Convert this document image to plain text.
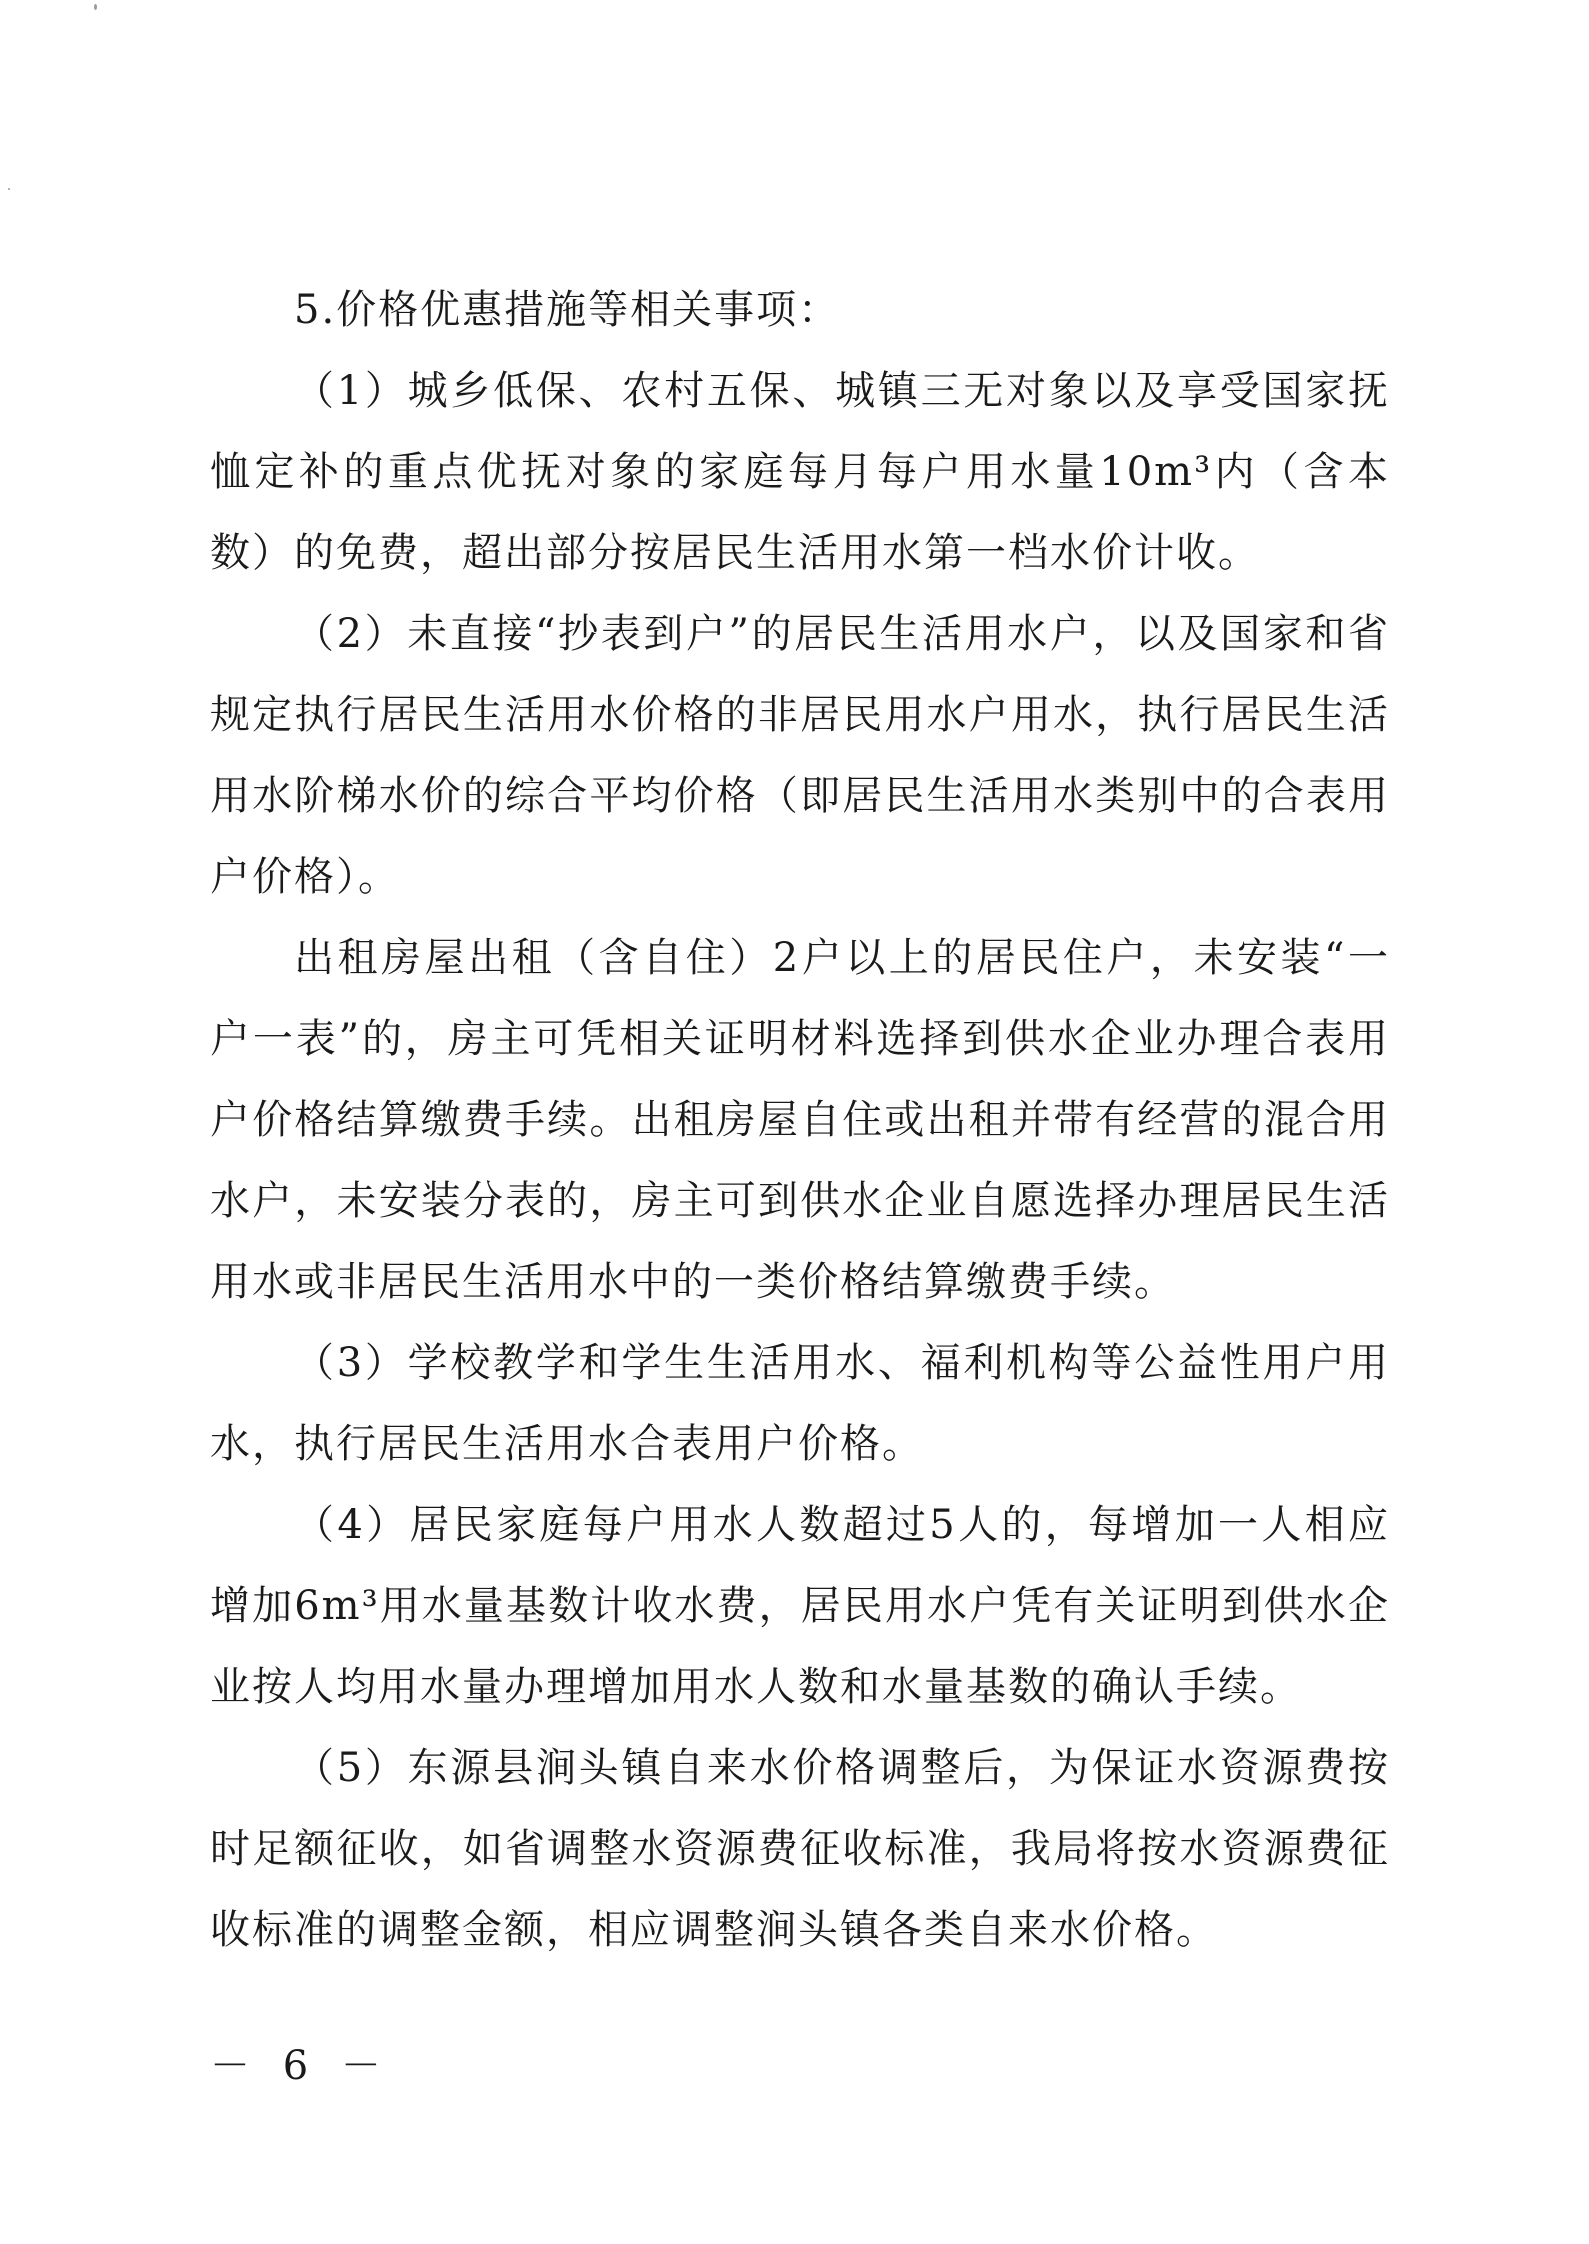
5.价格优惠措施等相关事项：

（1）城乡低保、农村五保、城镇三无对象以及享受国家抚恤定补的重点优抚对象的家庭每月每户用水量10m³内（含本数）的免费，超出部分按居民生活用水第一档水价计收。

（2）未直接“抄表到户”的居民生活用水户，以及国家和省规定执行居民生活用水价格的非居民用水户用水，执行居民生活用水阶梯水价的综合平均价格（即居民生活用水类别中的合表用户价格）。

出租房屋出租（含自住）2户以上的居民住户，未安装“一户一表”的，房主可凭相关证明材料选择到供水企业办理合表用户价格结算缴费手续。出租房屋自住或出租并带有经营的混合用水户，未安装分表的，房主可到供水企业自愿选择办理居民生活用水或非居民生活用水中的一类价格结算缴费手续。

（3）学校教学和学生生活用水、福利机构等公益性用户用水，执行居民生活用水合表用户价格。

（4）居民家庭每户用水人数超过5人的，每增加一人相应增加6m³用水量基数计收水费，居民用水户凭有关证明到供水企业按人均用水量办理增加用水人数和水量基数的确认手续。

（5）东源县涧头镇自来水价格调整后，为保证水资源费按时足额征收，如省调整水资源费征收标准，我局将按水资源费征收标准的调整金额，相应调整涧头镇各类自来水价格。

－ 6 －
